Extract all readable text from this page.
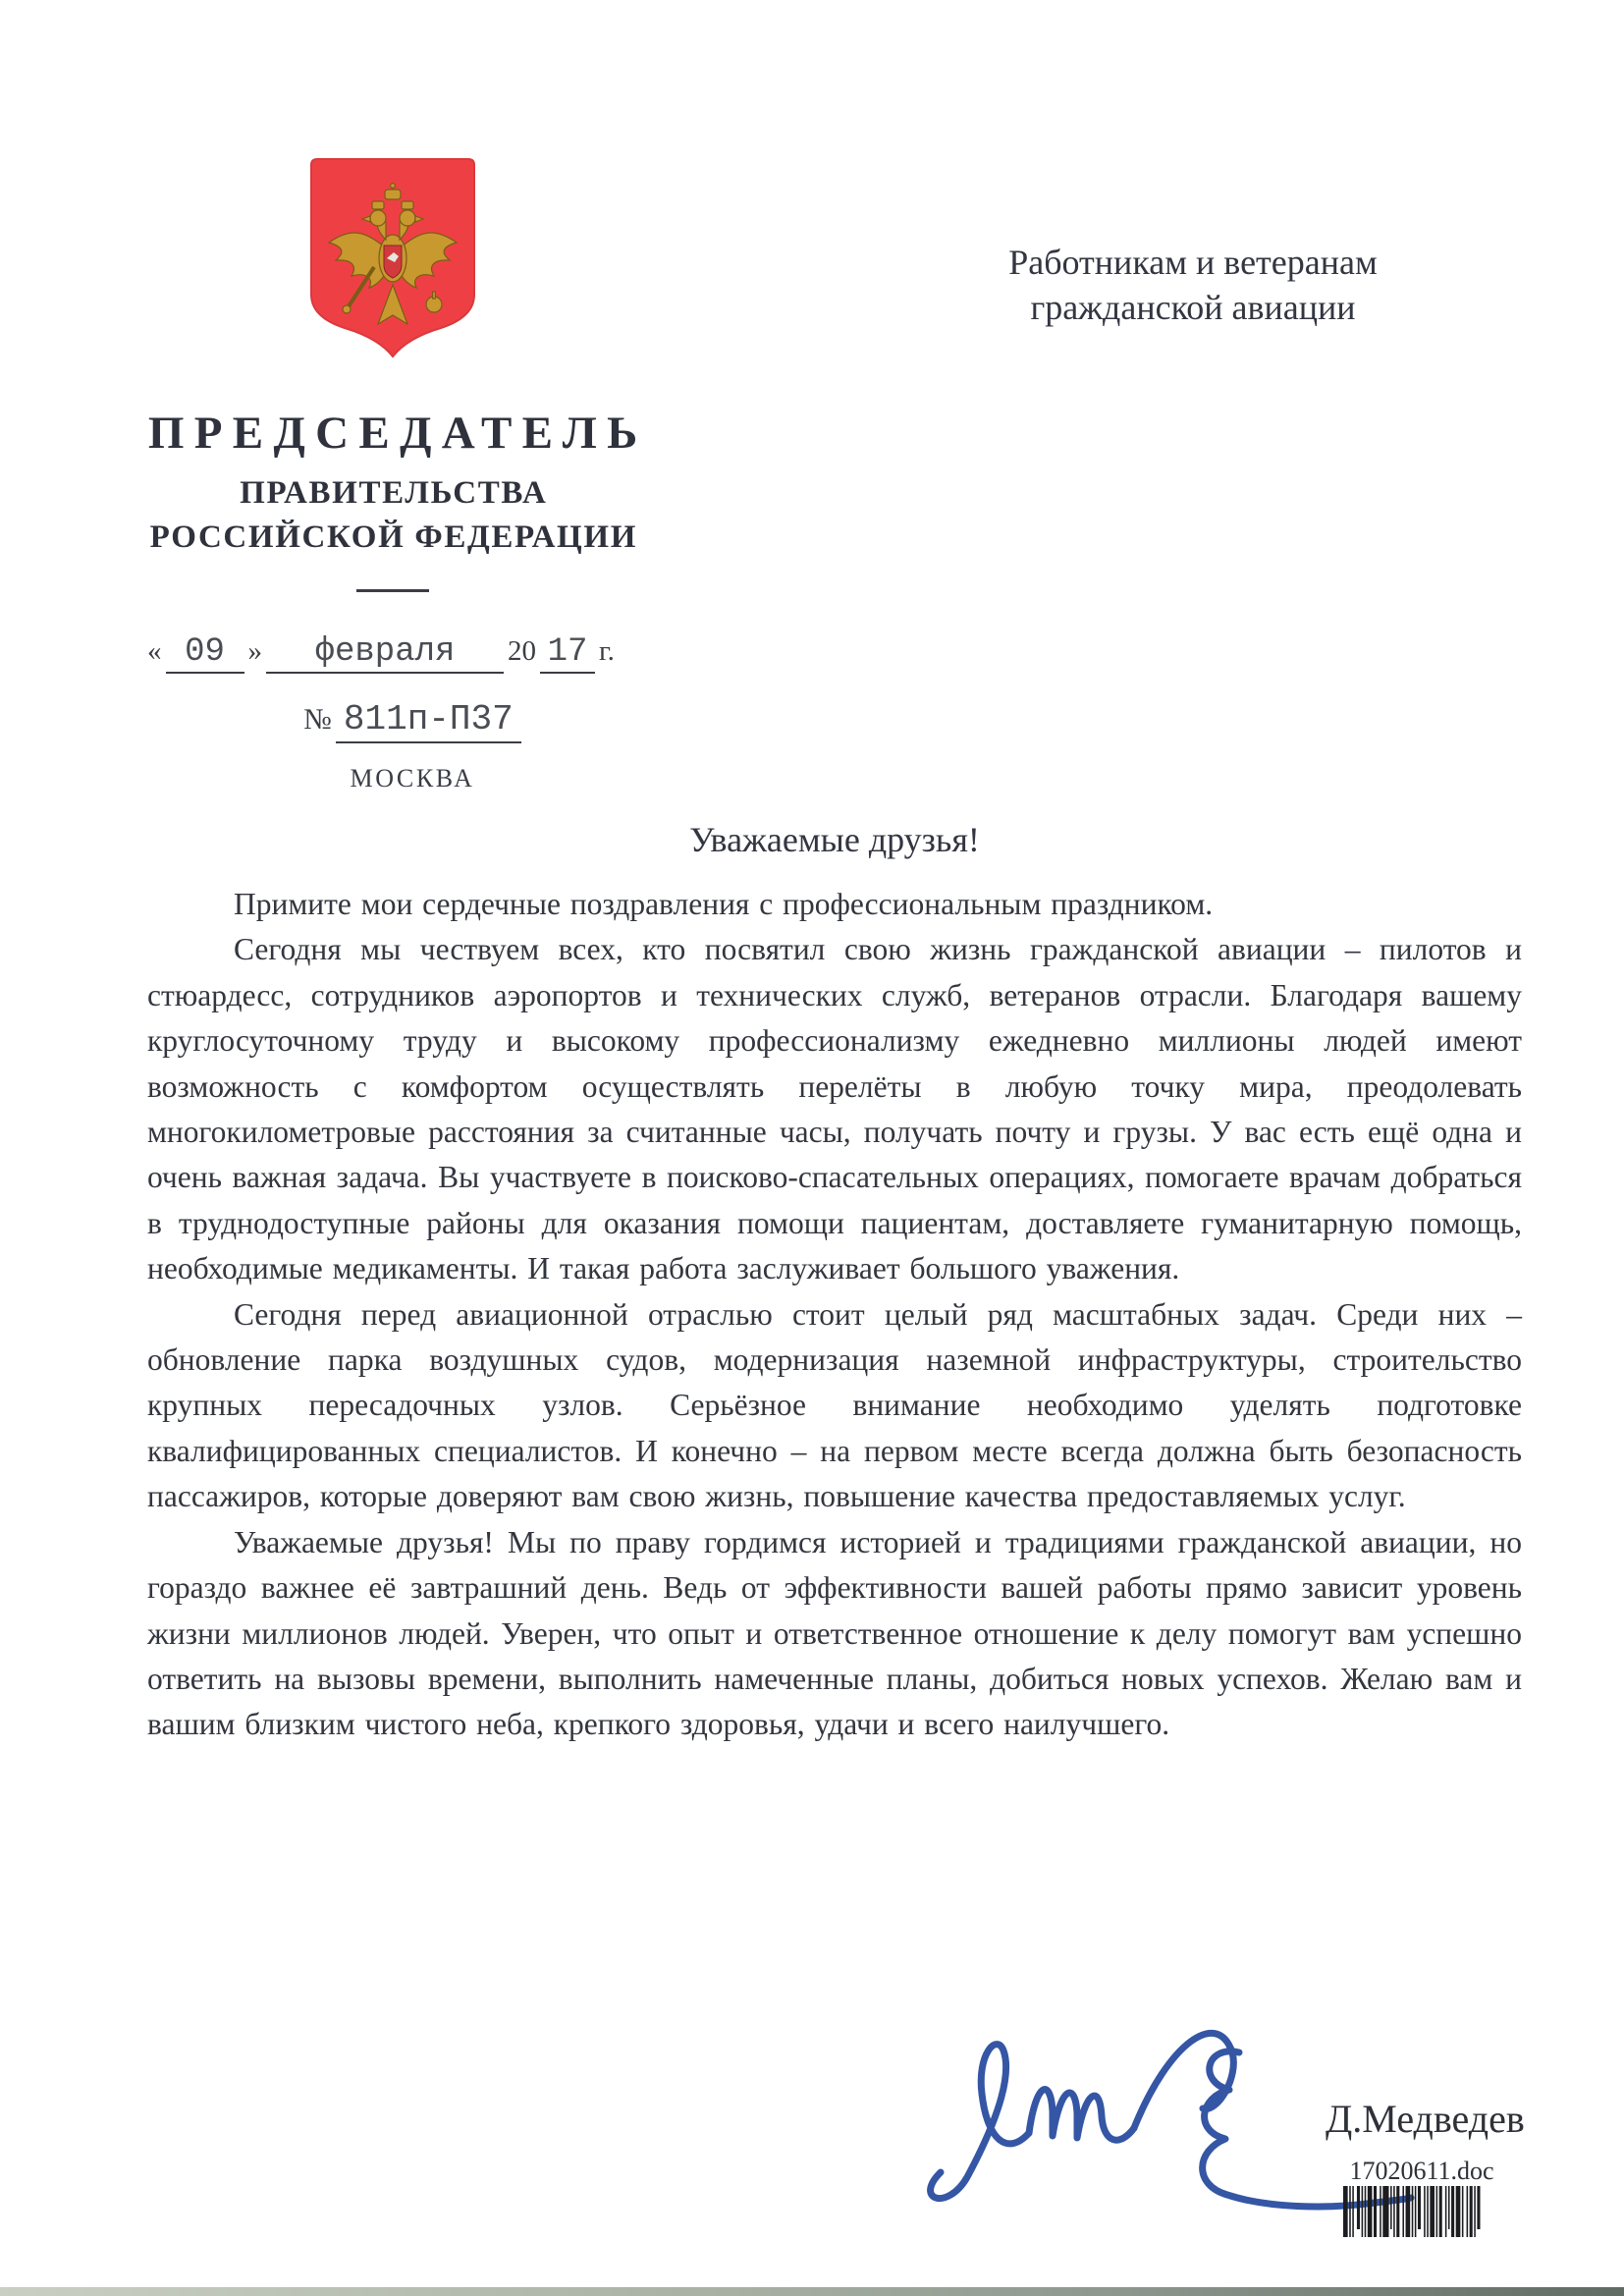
ПРЕДСЕДАТЕЛЬ
ПРАВИТЕЛЬСТВА
РОССИЙСКОЙ ФЕДЕРАЦИИ
« 09 » февраля 20 17 г.
№ 811п-П37
МОСКВА
Работникам и ветеранам
гражданской авиации
Уважаемые друзья!

Примите мои сердечные поздравления с профессиональным праздником.

Сегодня мы чествуем всех, кто посвятил свою жизнь гражданской авиации – пилотов и стюардесс, сотрудников аэропортов и технических служб, ветеранов отрасли. Благодаря вашему круглосуточному труду и высокому профессионализму ежедневно миллионы людей имеют возможность с комфортом осуществлять перелёты в любую точку мира, преодолевать многокилометровые расстояния за считанные часы, получать почту и грузы. У вас есть ещё одна и очень важная задача. Вы участвуете в поисково-спасательных операциях, помогаете врачам добраться в труднодоступные районы для оказания помощи пациентам, доставляете гуманитарную помощь, необходимые медикаменты. И такая работа заслуживает большого уважения.

Сегодня перед авиационной отраслью стоит целый ряд масштабных задач. Среди них – обновление парка воздушных судов, модернизация наземной инфраструктуры, строительство крупных пересадочных узлов. Серьёзное внимание необходимо уделять подготовке квалифицированных специалистов. И конечно – на первом месте всегда должна быть безопасность пассажиров, которые доверяют вам свою жизнь, повышение качества предоставляемых услуг.

Уважаемые друзья! Мы по праву гордимся историей и традициями гражданской авиации, но гораздо важнее её завтрашний день. Ведь от эффективности вашей работы прямо зависит уровень жизни миллионов людей. Уверен, что опыт и ответственное отношение к делу помогут вам успешно ответить на вызовы времени, выполнить намеченные планы, добиться новых успехов. Желаю вам и вашим близким чистого неба, крепкого здоровья, удачи и всего наилучшего.

Д.Медведев
17020611.doc
